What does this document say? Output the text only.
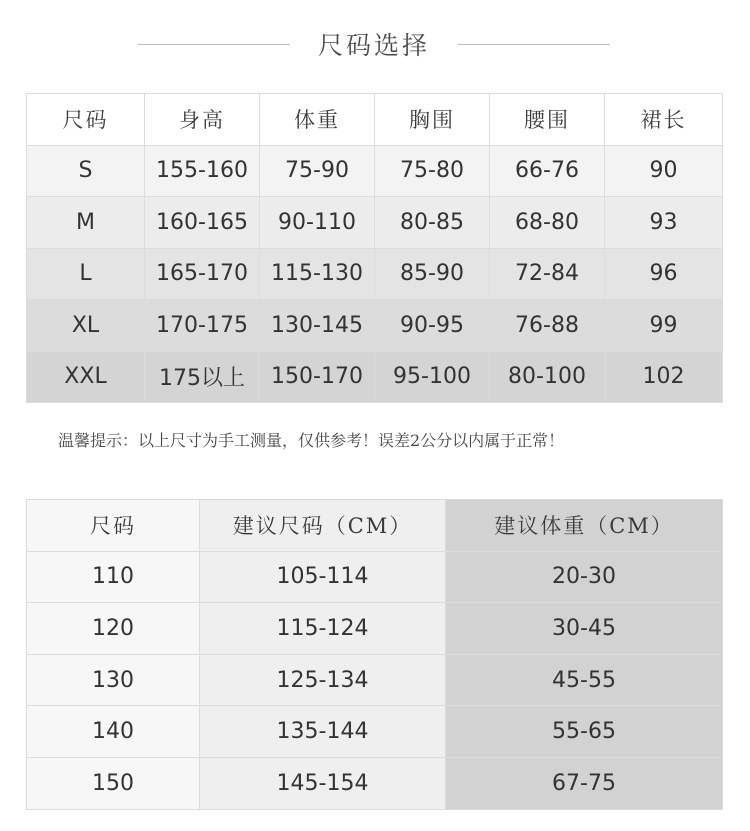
尺码选择
尺码	身高	体重	胸围	腰围	裙长
S	155-160	75-90	75-80	66-76	90
M	160-165	90-110	80-85	68-80	93
L	165-170	115-130	85-90	72-84	96
XL	170-175	130-145	90-95	76-88	99
XXL	175以上	150-170	95-100	80-100	102
温馨提示：以上尺寸为手工测量，仅供参考！误差2公分以内属于正常！
尺码	建议尺码（CM）	建议体重（CM）
110	105-114	20-30
120	115-124	30-45
130	125-134	45-55
140	135-144	55-65
150	145-154	67-75
